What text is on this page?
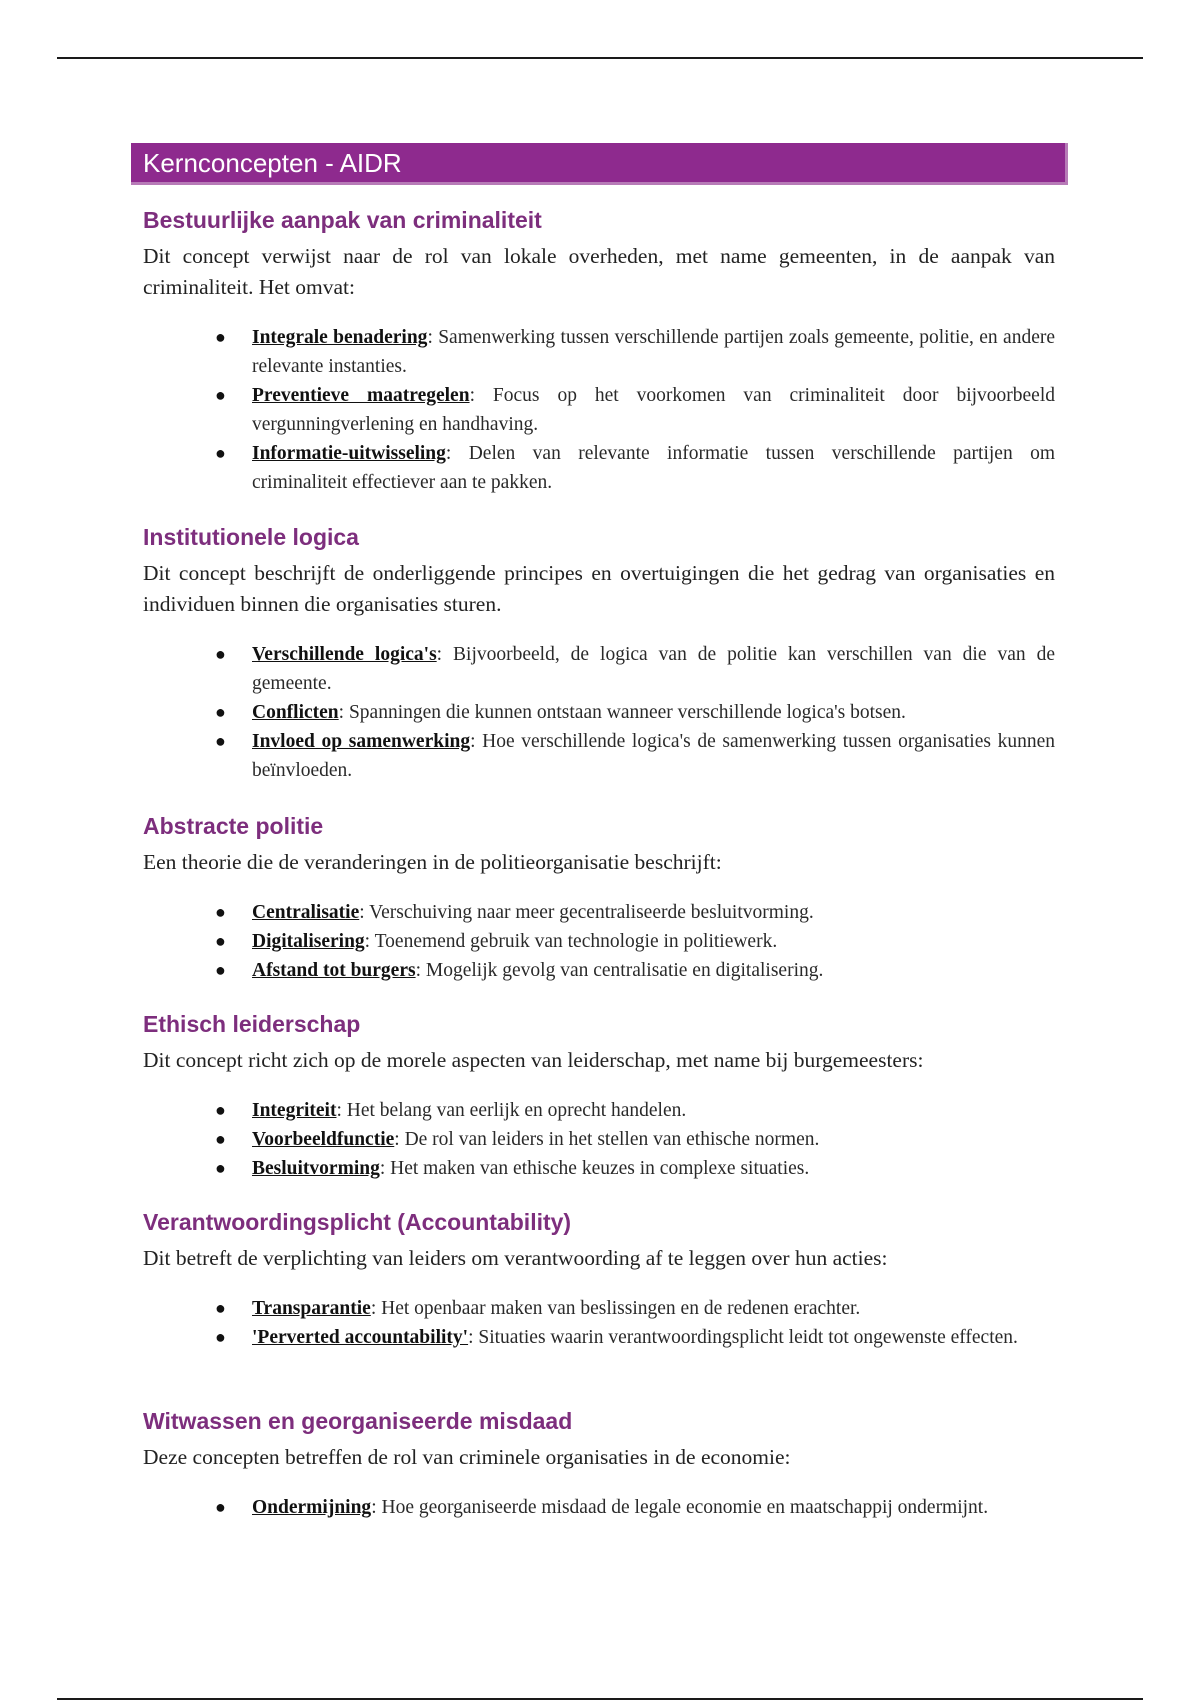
Kernconcepten - AIDR
Bestuurlijke aanpak van criminaliteit

Dit concept verwijst naar de rol van lokale overheden, met name gemeenten, in de aanpak van criminaliteit. Het omvat:

● Integrale benadering: Samenwerking tussen verschillende partijen zoals gemeente, politie, en andere relevante instanties.
● Preventieve maatregelen: Focus op het voorkomen van criminaliteit door bijvoorbeeld vergunningverlening en handhaving.
● Informatie-uitwisseling: Delen van relevante informatie tussen verschillende partijen om criminaliteit effectiever aan te pakken.
Institutionele logica

Dit concept beschrijft de onderliggende principes en overtuigingen die het gedrag van organisaties en individuen binnen die organisaties sturen.

● Verschillende logica's: Bijvoorbeeld, de logica van de politie kan verschillen van die van de gemeente.
● Conflicten: Spanningen die kunnen ontstaan wanneer verschillende logica's botsen.
● Invloed op samenwerking: Hoe verschillende logica's de samenwerking tussen organisaties kunnen beïnvloeden.
Abstracte politie

Een theorie die de veranderingen in de politieorganisatie beschrijft:

● Centralisatie: Verschuiving naar meer gecentraliseerde besluitvorming.
● Digitalisering: Toenemend gebruik van technologie in politiewerk.
● Afstand tot burgers: Mogelijk gevolg van centralisatie en digitalisering.
Ethisch leiderschap

Dit concept richt zich op de morele aspecten van leiderschap, met name bij burgemeesters:

● Integriteit: Het belang van eerlijk en oprecht handelen.
● Voorbeeldfunctie: De rol van leiders in het stellen van ethische normen.
● Besluitvorming: Het maken van ethische keuzes in complexe situaties.
Verantwoordingsplicht (Accountability)

Dit betreft de verplichting van leiders om verantwoording af te leggen over hun acties:

● Transparantie: Het openbaar maken van beslissingen en de redenen erachter.
● 'Perverted accountability': Situaties waarin verantwoordingsplicht leidt tot ongewenste effecten.
Witwassen en georganiseerde misdaad

Deze concepten betreffen de rol van criminele organisaties in de economie:

● Ondermijning: Hoe georganiseerde misdaad de legale economie en maatschappij ondermijnt.
